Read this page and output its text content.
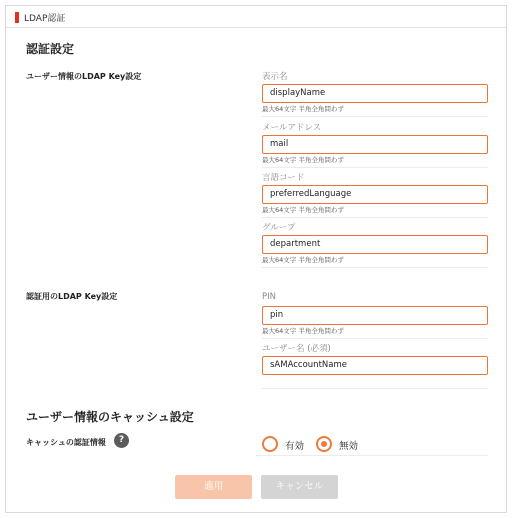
LDAP認証
認証設定
ユーザー情報のLDAP Key設定	表示名
displayName
最大64文字 半角全角問わず
メールアドレス
mail
最大64文字 半角全角問わず
言語コード
preferredLanguage
最大64文字 半角全角問わず
グループ
department
最大64文字 半角全角問わず
認証用のLDAP Key設定	PIN
pin
最大64文字 半角全角問わず
ユーザー名 (必須)
sAMAccountName
ユーザー情報のキャッシュ設定
キャッシュの認証情報	?
有効	無効
適用	キャンセル
